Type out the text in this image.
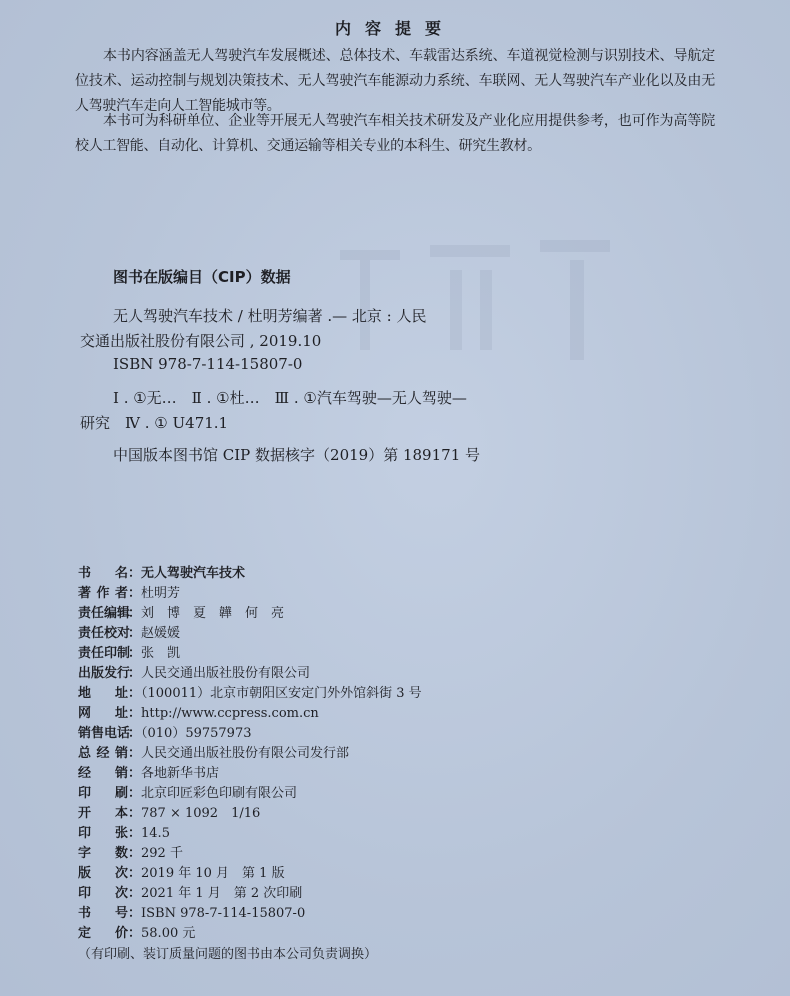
内容提要
本书内容涵盖无人驾驶汽车发展概述、总体技术、车载雷达系统、车道视觉检测与识别技术、导航定位技术、运动控制与规划决策技术、无人驾驶汽车能源动力系统、车联网、无人驾驶汽车产业化以及由无人驾驶汽车走向人工智能城市等。
本书可为科研单位、企业等开展无人驾驶汽车相关技术研发及产业化应用提供参考，也可作为高等院校人工智能、自动化、计算机、交通运输等相关专业的本科生、研究生教材。
图书在版编目（CIP）数据
无人驾驶汽车技术 / 杜明芳编著 .— 北京 : 人民
交通出版社股份有限公司 , 2019.10
ISBN 978-7-114-15807-0
Ⅰ . ①无…　Ⅱ . ①杜…　Ⅲ . ①汽车驾驶—无人驾驶—
研究　Ⅳ . ① U471.1
中国版本图书馆 CIP 数据核字（2019）第 189171 号
书名：无人驾驶汽车技术
著作者：杜明芳
责任编辑：刘　博　夏　韡　何　亮
责任校对：赵媛媛
责任印制：张　凯
出版发行：人民交通出版社股份有限公司
地址：（100011）北京市朝阳区安定门外外馆斜街 3 号
网址：http://www.ccpress.com.cn
销售电话：（010）59757973
总经销：人民交通出版社股份有限公司发行部
经销：各地新华书店
印刷：北京印匠彩色印刷有限公司
开本：787 × 1092　1/16
印张：14.5
字数：292 千
版次：2019 年 10 月　第 1 版
印次：2021 年 1 月　第 2 次印刷
书号：ISBN 978-7-114-15807-0
定价：58.00 元
（有印刷、装订质量问题的图书由本公司负责调换）
